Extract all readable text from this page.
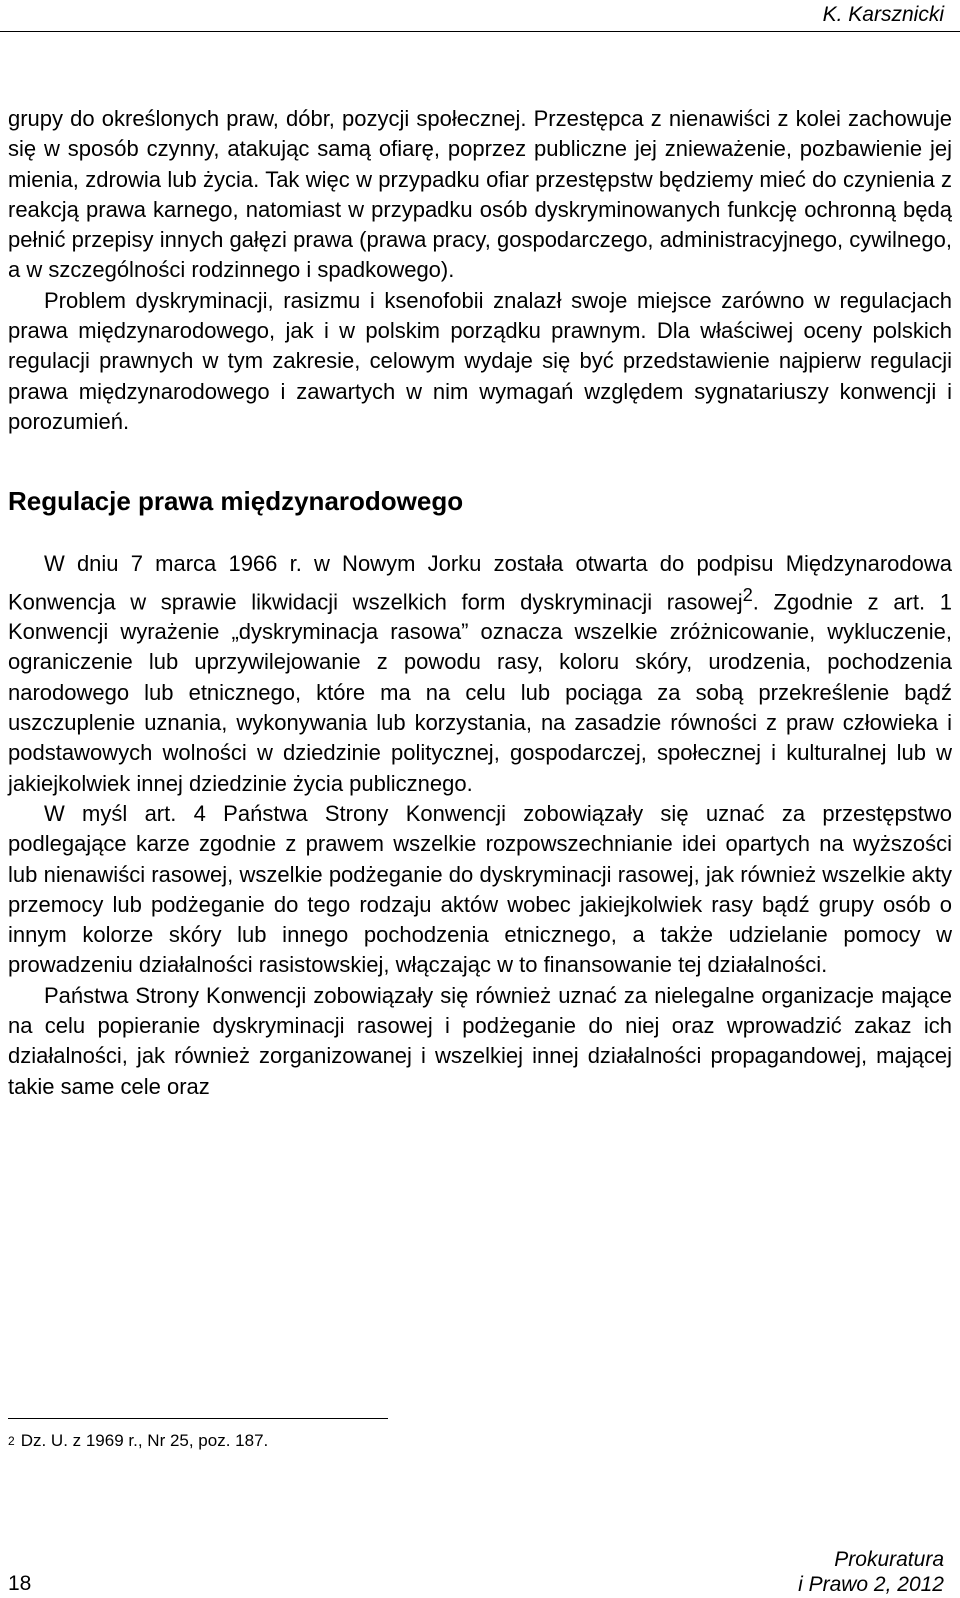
K. Karsznicki

grupy do określonych praw, dóbr, pozycji społecznej. Przestępca z nienawiści z kolei zachowuje się w sposób czynny, atakując samą ofiarę, poprzez publiczne jej znieważenie, pozbawienie jej mienia, zdrowia lub życia. Tak więc w przypadku ofiar przestępstw będziemy mieć do czynienia z reakcją prawa karnego, natomiast w przypadku osób dyskryminowanych funkcję ochronną będą pełnić przepisy innych gałęzi prawa (prawa pracy, gospodarczego, administracyjnego, cywilnego, a w szczególności rodzinnego i spadkowego).

Problem dyskryminacji, rasizmu i ksenofobii znalazł swoje miejsce zarówno w regulacjach prawa międzynarodowego, jak i w polskim porządku prawnym. Dla właściwej oceny polskich regulacji prawnych w tym zakresie, celowym wydaje się być przedstawienie najpierw regulacji prawa międzynarodowego i zawartych w nim wymagań względem sygnatariuszy konwencji i porozumień.

Regulacje prawa międzynarodowego

W dniu 7 marca 1966 r. w Nowym Jorku została otwarta do podpisu Międzynarodowa Konwencja w sprawie likwidacji wszelkich form dyskryminacji rasowej$^2$. Zgodnie z art. 1 Konwencji wyrażenie „dyskryminacja rasowa” oznacza wszelkie zróżnicowanie, wykluczenie, ograniczenie lub uprzywilejowanie z powodu rasy, koloru skóry, urodzenia, pochodzenia narodowego lub etnicznego, które ma na celu lub pociąga za sobą przekreślenie bądź uszczuplenie uznania, wykonywania lub korzystania, na zasadzie równości z praw człowieka i podstawowych wolności w dziedzinie politycznej, gospodarczej, społecznej i kulturalnej lub w jakiejkolwiek innej dziedzinie życia publicznego.

W myśl art. 4 Państwa Strony Konwencji zobowiązały się uznać za przestępstwo podlegające karze zgodnie z prawem wszelkie rozpowszechnianie idei opartych na wyższości lub nienawiści rasowej, wszelkie podżeganie do dyskryminacji rasowej, jak również wszelkie akty przemocy lub podżeganie do tego rodzaju aktów wobec jakiejkolwiek rasy bądź grupy osób o innym kolorze skóry lub innego pochodzenia etnicznego, a także udzielanie pomocy w prowadzeniu działalności rasistowskiej, włączając w to finansowanie tej działalności.

Państwa Strony Konwencji zobowiązały się również uznać za nielegalne organizacje mające na celu popieranie dyskryminacji rasowej i podżeganie do niej oraz wprowadzić zakaz ich działalności, jak również zorganizowanej i wszelkiej innej działalności propagandowej, mającej takie same cele oraz

$^2$ Dz. U. z 1969 r., Nr 25, poz. 187.
18
Prokuratura
i Prawo 2, 2012
